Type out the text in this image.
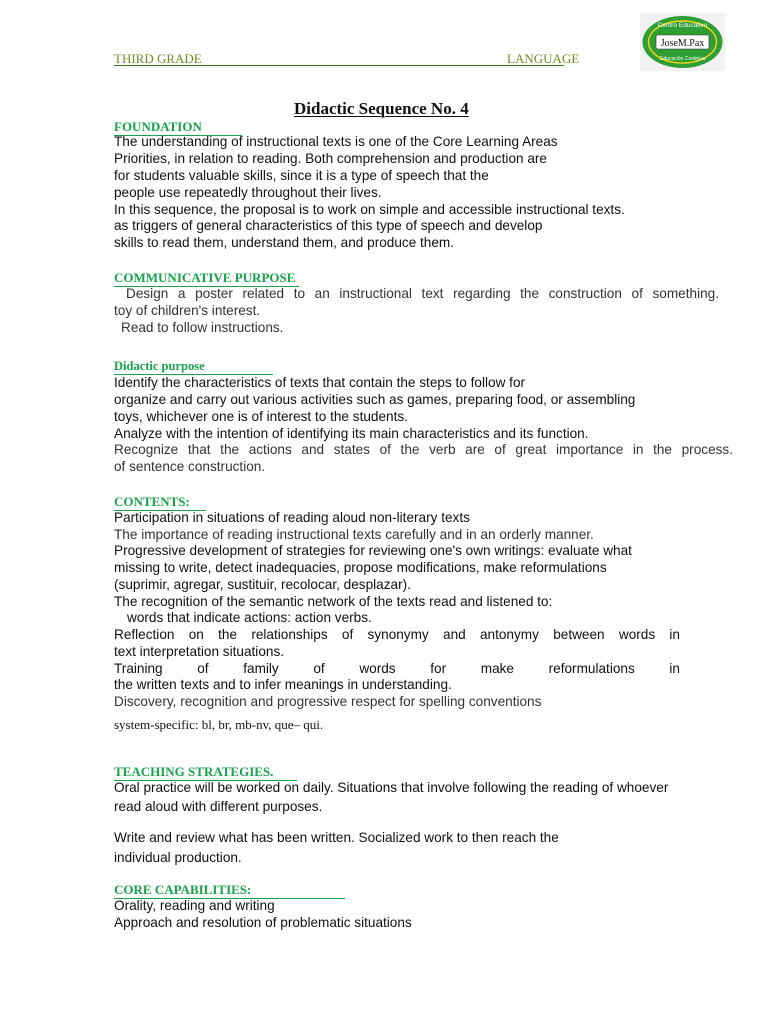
THIRD GRADE	LANGUAGE
JoseM.Pax
Centro Educativo
Educación Continua
Didactic Sequence No. 4
FOUNDATION
The understanding of instructional texts is one of the Core Learning Areas
Priorities, in relation to reading. Both comprehension and production are
for students valuable skills, since it is a type of speech that the
people use repeatedly throughout their lives.
In this sequence, the proposal is to work on simple and accessible instructional texts.
as triggers of general characteristics of this type of speech and develop
skills to read them, understand them, and produce them.
COMMUNICATIVE PURPOSE
Design a poster related to an instructional text regarding the construction of something.
toy of children's interest.
Read to follow instructions.
Didactic purpose
Identify the characteristics of texts that contain the steps to follow for
organize and carry out various activities such as games, preparing food, or assembling
toys, whichever one is of interest to the students.
Analyze with the intention of identifying its main characteristics and its function.
Recognize that the actions and states of the verb are of great importance in the process.
of sentence construction.
CONTENTS:
Participation in situations of reading aloud non-literary texts
The importance of reading instructional texts carefully and in an orderly manner.
Progressive development of strategies for reviewing one's own writings: evaluate what
missing to write, detect inadequacies, propose modifications, make reformulations
(suprimir, agregar, sustituir, recolocar, desplazar).
The recognition of the semantic network of the texts read and listened to:
words that indicate actions: action verbs.
Reflection on the relationships of synonymy and antonymy between words in
text interpretation situations.
Training of family of words for make reformulations in
the written texts and to infer meanings in understanding.
Discovery, recognition and progressive respect for spelling conventions
system-specific: bl, br, mb-nv, que– qui.
TEACHING STRATEGIES.
Oral practice will be worked on daily. Situations that involve following the reading of whoever
read aloud with different purposes.
Write and review what has been written. Socialized work to then reach the
individual production.
CORE CAPABILITIES:
Orality, reading and writing
Approach and resolution of problematic situations
